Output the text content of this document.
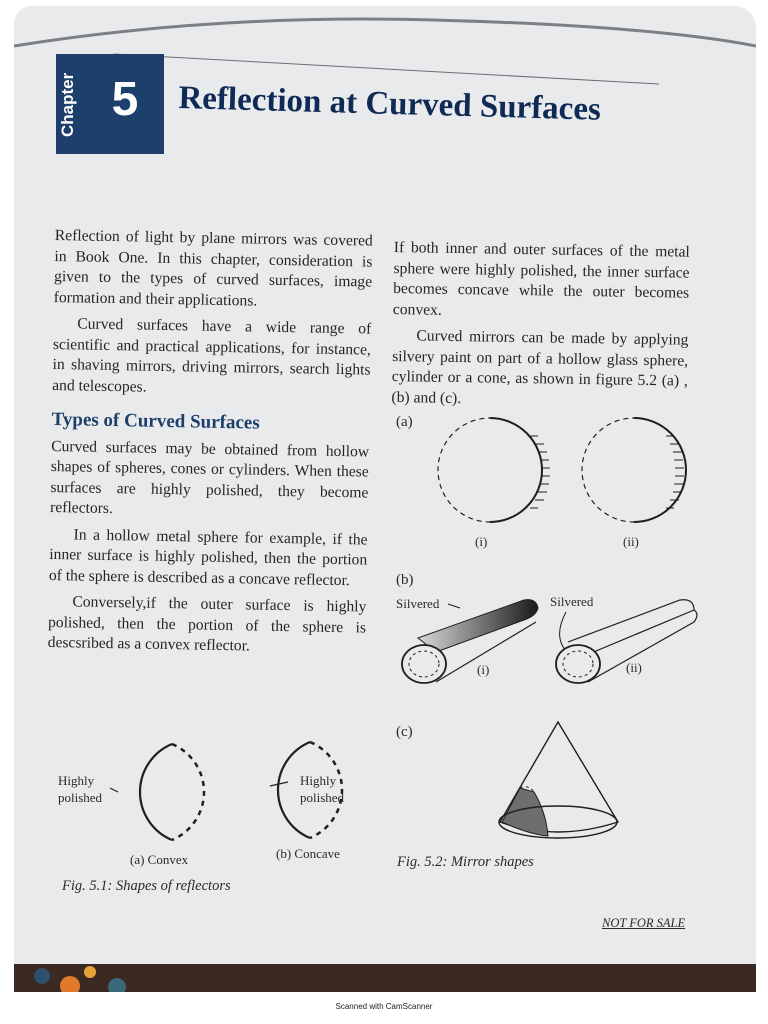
Chapter 5	Reflection at Curved Surfaces

Reflection of light by plane mirrors was covered in Book One. In this chapter, consideration is given to the types of curved surfaces, image formation and their applications.

Curved surfaces have a wide range of scientific and practical applications, for instance, in shaving mirrors, driving mirrors, search lights and telescopes.

Types of Curved Surfaces

Curved surfaces may be obtained from hollow shapes of spheres, cones or cylinders. When these surfaces are highly polished, they become reflectors.

In a hollow metal sphere for example, if the inner surface is highly polished, then the portion of the sphere is described as a concave reflector.

Conversely,if the outer surface is highly polished, then the portion of the sphere is descsribed as a convex reflector.

If both inner and outer surfaces of the metal sphere were highly polished, the inner surface becomes concave while the outer becomes convex.

Curved mirrors can be made by applying silvery paint on part of a hollow glass sphere, cylinder or a cone, as shown in figure 5.2 (a) , (b) and (c).

Highly polished
Highly polished
(a) Convex	(b) Concave
Fig. 5.1: Shapes of reflectors
(a)
(i)	(ii)
(b)
Silvered	Silvered
(i)	(ii)
(c)
Fig. 5.2: Mirror shapes
NOT FOR SALE
Scanned with CamScanner
